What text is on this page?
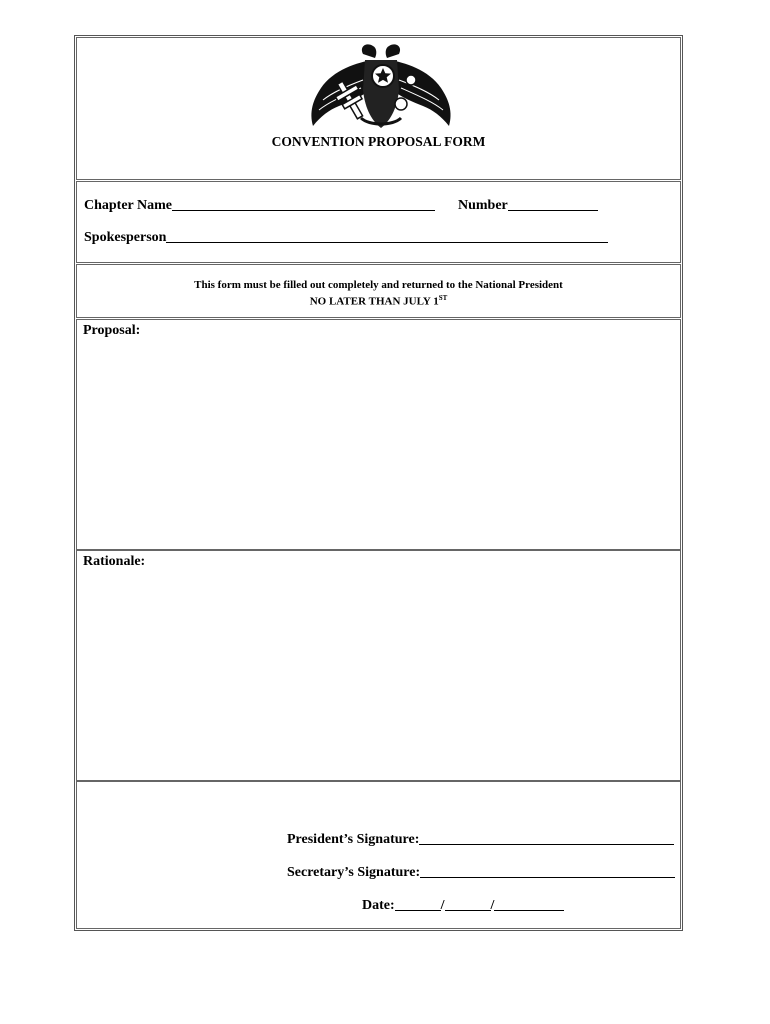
CONVENTION PROPOSAL FORM
Chapter Name	Number
Spokesperson
This form must be filled out completely and returned to the National President
NO LATER THAN JULY 1ST
Proposal:
Rationale:
President’s Signature:
Secretary’s Signature:
Date:	/	/
